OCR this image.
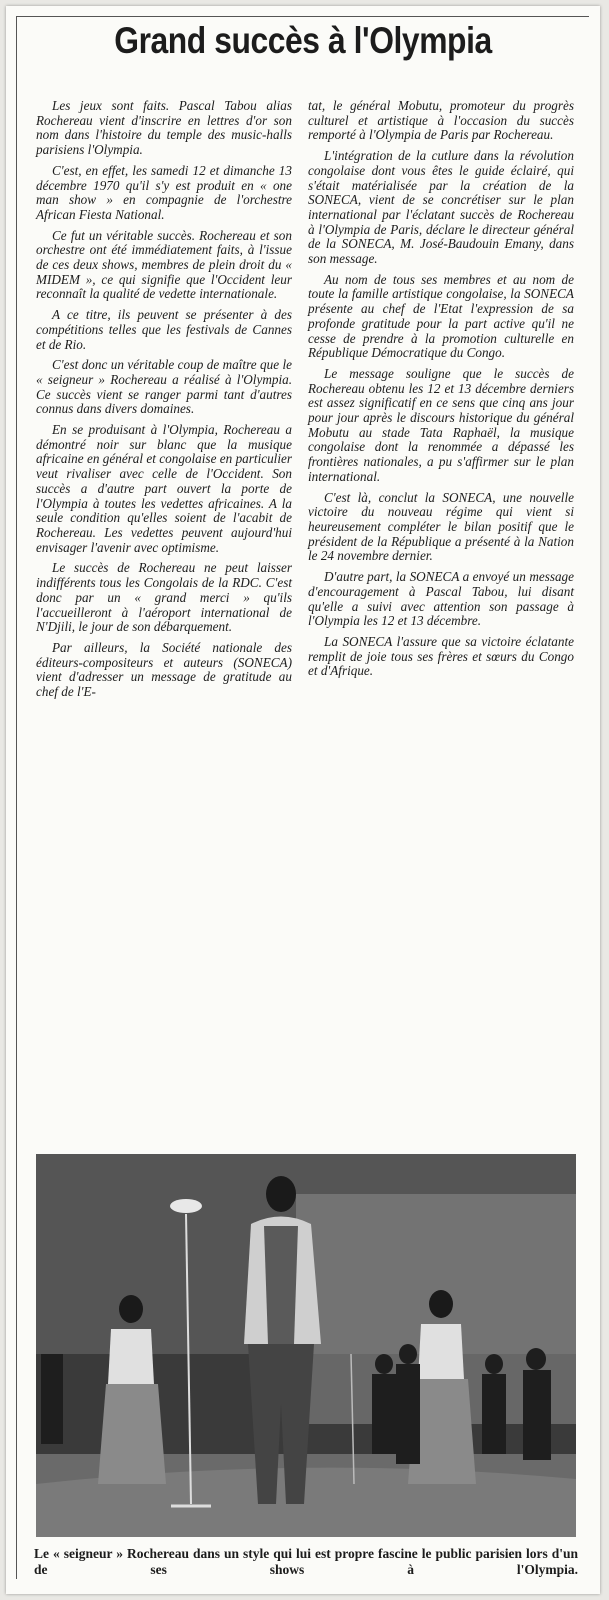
Grand succès à l'Olympia

Les jeux sont faits. Pascal Tabou alias Rochereau vient d'inscrire en lettres d'or son nom dans l'histoire du temple des music-halls parisiens l'Olympia.

C'est, en effet, les samedi 12 et dimanche 13 décembre 1970 qu'il s'y est produit en « one man show » en compagnie de l'orchestre African Fiesta National.

Ce fut un véritable succès. Rochereau et son orchestre ont été immédiatement faits, à l'issue de ces deux shows, membres de plein droit du « MIDEM », ce qui signifie que l'Occident leur reconnaît la qualité de vedette internationale.

A ce titre, ils peuvent se présenter à des compétitions telles que les festivals de Cannes et de Rio.

C'est donc un véritable coup de maître que le « seigneur » Rochereau a réalisé à l'Olympia. Ce succès vient se ranger parmi tant d'autres connus dans divers domaines.

En se produisant à l'Olympia, Rochereau a démontré noir sur blanc que la musique africaine en général et congolaise en particulier veut rivaliser avec celle de l'Occident. Son succès a d'autre part ouvert la porte de l'Olympia à toutes les vedettes africaines. A la seule condition qu'elles soient de l'acabit de Rochereau. Les vedettes peuvent aujourd'hui envisager l'avenir avec optimisme.

Le succès de Rochereau ne peut laisser indifférents tous les Congolais de la RDC. C'est donc par un « grand merci » qu'ils l'accueilleront à l'aéroport international de N'Djili, le jour de son débarquement.

Par ailleurs, la Société nationale des éditeurs-compositeurs et auteurs (SONECA) vient d'adresser un message de gratitude au chef de l'E-

tat, le général Mobutu, promoteur du progrès culturel et artistique à l'occasion du succès remporté à l'Olympia de Paris par Rochereau.

L'intégration de la cutlure dans la révolution congolaise dont vous êtes le guide éclairé, qui s'était matérialisée par la création de la SONECA, vient de se concrétiser sur le plan international par l'éclatant succès de Rochereau à l'Olympia de Paris, déclare le directeur général de la SONECA, M. José-Baudouin Emany, dans son message.

Au nom de tous ses membres et au nom de toute la famille artistique congolaise, la SONECA présente au chef de l'Etat l'expression de sa profonde gratitude pour la part active qu'il ne cesse de prendre à la promotion culturelle en République Démocratique du Congo.

Le message souligne que le succès de Rochereau obtenu les 12 et 13 décembre derniers est assez significatif en ce sens que cinq ans jour pour jour après le discours historique du général Mobutu au stade Tata Raphaël, la musique congolaise dont la renommée a dépassé les frontières nationales, a pu s'affirmer sur le plan international.

C'est là, conclut la SONECA, une nouvelle victoire du nouveau régime qui vient si heureusement compléter le bilan positif que le président de la République a présenté à la Nation le 24 novembre dernier.

D'autre part, la SONECA a envoyé un message d'encouragement à Pascal Tabou, lui disant qu'elle a suivi avec attention son passage à l'Olympia les 12 et 13 décembre.

La SONECA l'assure que sa victoire éclatante remplit de joie tous ses frères et sœurs du Congo et d'Afrique.

Le « seigneur » Rochereau dans un style qui lui est propre fascine le public parisien lors d'un de ses shows à l'Olympia.
